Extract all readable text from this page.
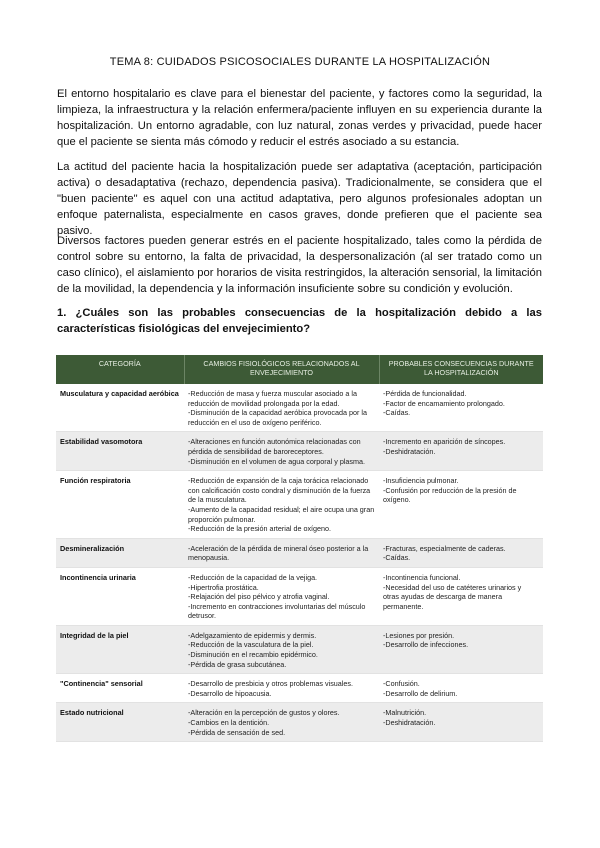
TEMA 8: CUIDADOS PSICOSOCIALES DURANTE LA HOSPITALIZACIÓN

El entorno hospitalario es clave para el bienestar del paciente, y factores como la seguridad, la limpieza, la infraestructura y la relación enfermera/paciente influyen en su experiencia durante la hospitalización. Un entorno agradable, con luz natural, zonas verdes y privacidad, puede hacer que el paciente se sienta más cómodo y reducir el estrés asociado a su estancia.

La actitud del paciente hacia la hospitalización puede ser adaptativa (aceptación, participación activa) o desadaptativa (rechazo, dependencia pasiva). Tradicionalmente, se considera que el "buen paciente" es aquel con una actitud adaptativa, pero algunos profesionales adoptan un enfoque paternalista, especialmente en casos graves, donde prefieren que el paciente sea pasivo.

Diversos factores pueden generar estrés en el paciente hospitalizado, tales como la pérdida de control sobre su entorno, la falta de privacidad, la despersonalización (al ser tratado como un caso clínico), el aislamiento por horarios de visita restringidos, la alteración sensorial, la limitación de la movilidad, la dependencia y la información insuficiente sobre su condición y evolución.

1. ¿Cuáles son las probables consecuencias de la hospitalización debido a las características fisiológicas del envejecimiento?

CATEGORÍA	CAMBIOS FISIOLÓGICOS RELACIONADOS AL ENVEJECIMIENTO	PROBABLES CONSECUENCIAS DURANTE LA HOSPITALIZACIÓN
Musculatura y capacidad aeróbica	-Reducción de masa y fuerza muscular asociado a la reducción de movilidad prolongada por la edad.
-Disminución de la capacidad aeróbica provocada por la reducción en el uso de oxígeno periférico.	-Pérdida de funcionalidad.
-Factor de encamamiento prolongado.
-Caídas.

Estabilidad vasomotora	-Alteraciones en función autonómica relacionadas con pérdida de sensibilidad de baroreceptores.
-Disminución en el volumen de agua corporal y plasma.	-Incremento en aparición de síncopes.
-Deshidratación.

Función respiratoria	-Reducción de expansión de la caja torácica relacionado con calcificación costo condral y disminución de la fuerza de la musculatura.
-Aumento de la capacidad residual; el aire ocupa una gran proporción pulmonar.
-Reducción de la presión arterial de oxígeno.	-Insuficiencia pulmonar.
-Confusión por reducción de la presión de oxígeno.

Desmineralización	-Aceleración de la pérdida de mineral óseo posterior a la menopausia.	-Fracturas, especialmente de caderas.
-Caídas.

Incontinencia urinaria	-Reducción de la capacidad de la vejiga.
-Hipertrofia prostática.
-Relajación del piso pélvico y atrofia vaginal.
-Incremento en contracciones involuntarias del músculo detrusor.	-Incontinencia funcional.
-Necesidad del uso de catéteres urinarios y otras ayudas de descarga de manera permanente.

Integridad de la piel	-Adelgazamiento de epidermis y dermis.
-Reducción de la vasculatura de la piel.
-Disminución en el recambio epidérmico.
-Pérdida de grasa subcutánea.	-Lesiones por presión.
-Desarrollo de infecciones.

"Continencia" sensorial	-Desarrollo de presbicia y otros problemas visuales.
-Desarrollo de hipoacusia.	-Confusión.
-Desarrollo de delirium.

Estado nutricional	-Alteración en la percepción de gustos y olores.
-Cambios en la dentición.
-Pérdida de sensación de sed.	-Malnutrición.
-Deshidratación.
